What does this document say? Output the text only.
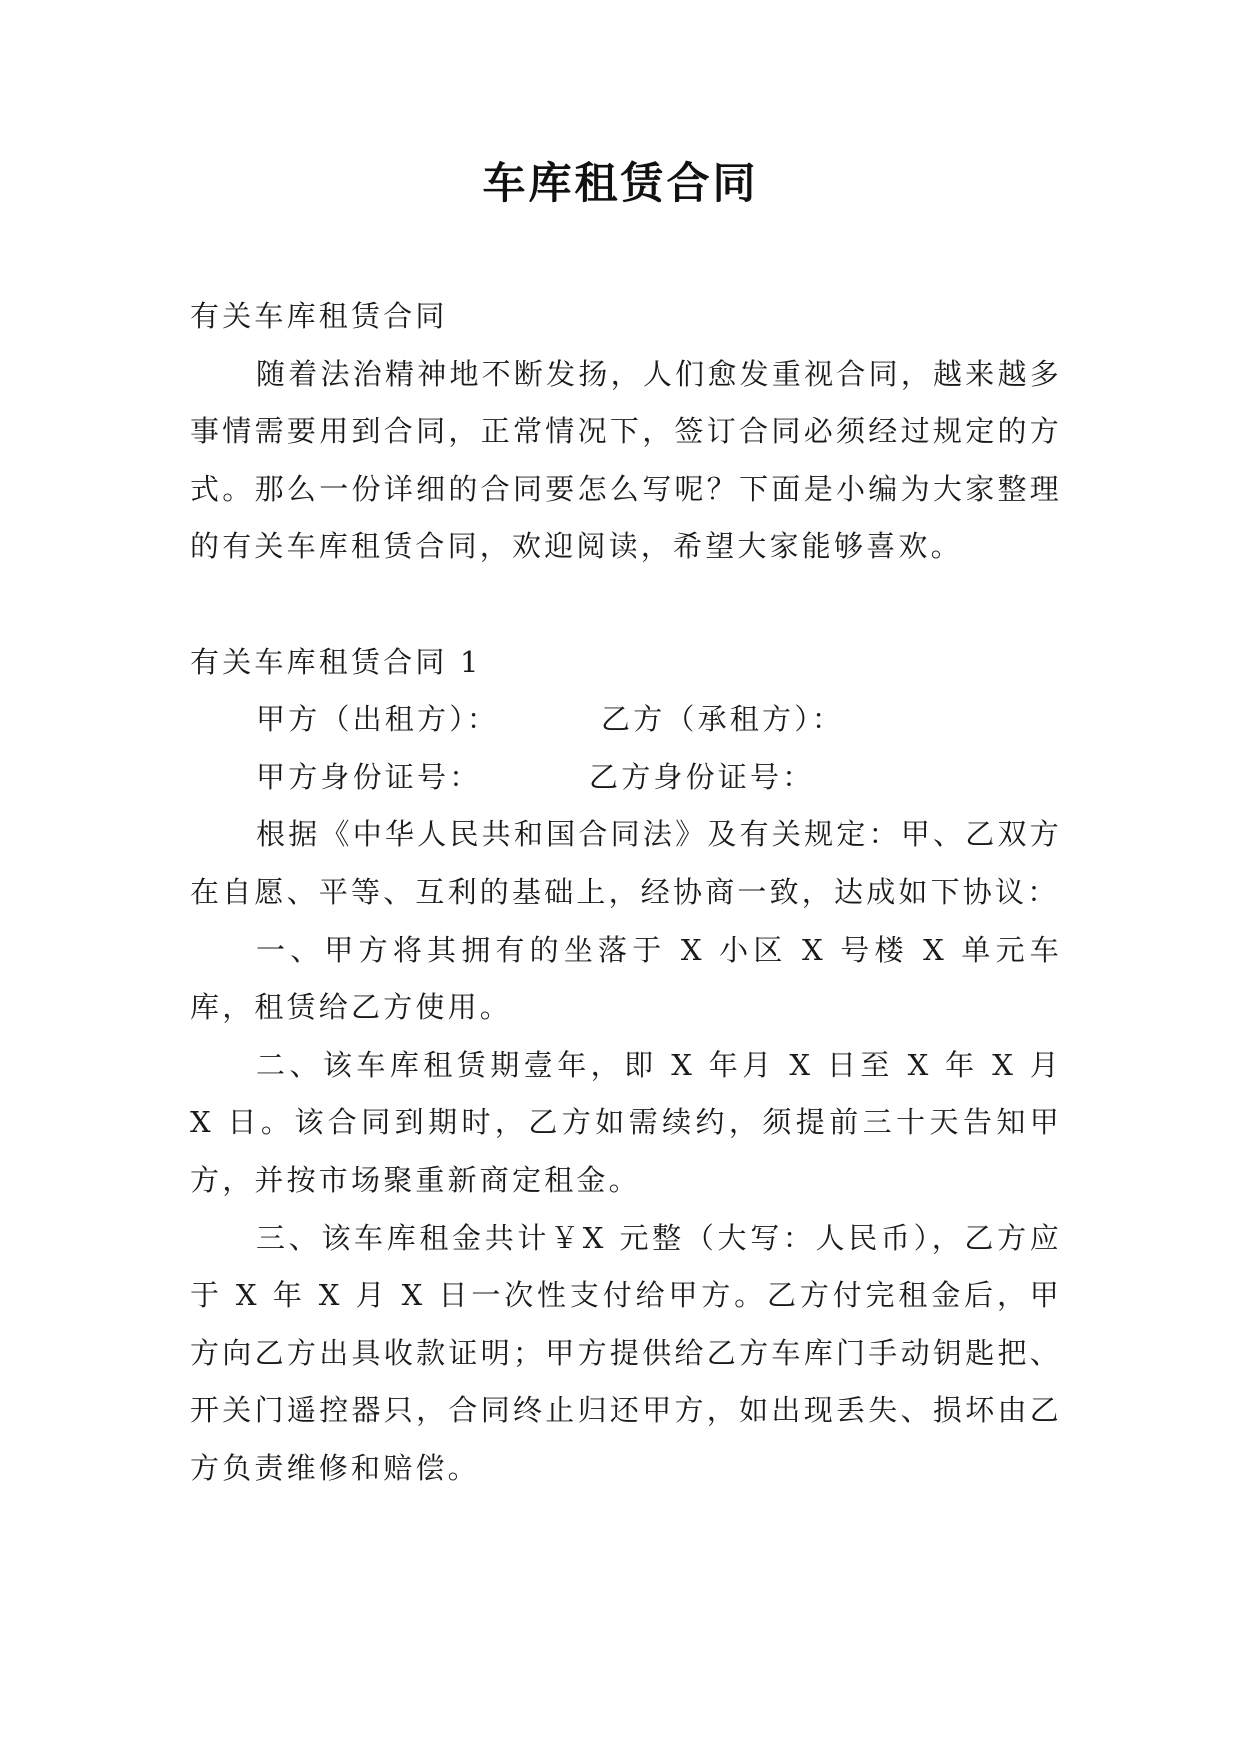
车库租赁合同

有关车库租赁合同

随着法治精神地不断发扬，人们愈发重视合同，越来越多事情需要用到合同，正常情况下，签订合同必须经过规定的方式。那么一份详细的合同要怎么写呢？下面是小编为大家整理的有关车库租赁合同，欢迎阅读，希望大家能够喜欢。

有关车库租赁合同 1

甲方（出租方）：	乙方（承租方）：
甲方身份证号：	乙方身份证号：

根据《中华人民共和国合同法》及有关规定：甲、乙双方在自愿、平等、互利的基础上，经协商一致，达成如下协议：

一、甲方将其拥有的坐落于 X 小区 X 号楼 X 单元车库，租赁给乙方使用。

二、该车库租赁期壹年，即 X 年月 X 日至 X 年 X 月 X 日。该合同到期时，乙方如需续约，须提前三十天告知甲方，并按市场聚重新商定租金。

三、该车库租金共计￥X 元整（大写：人民币），乙方应于 X 年 X 月 X 日一次性支付给甲方。乙方付完租金后，甲方向乙方出具收款证明；甲方提供给乙方车库门手动钥匙把、开关门遥控器只，合同终止归还甲方，如出现丢失、损坏由乙方负责维修和赔偿。
